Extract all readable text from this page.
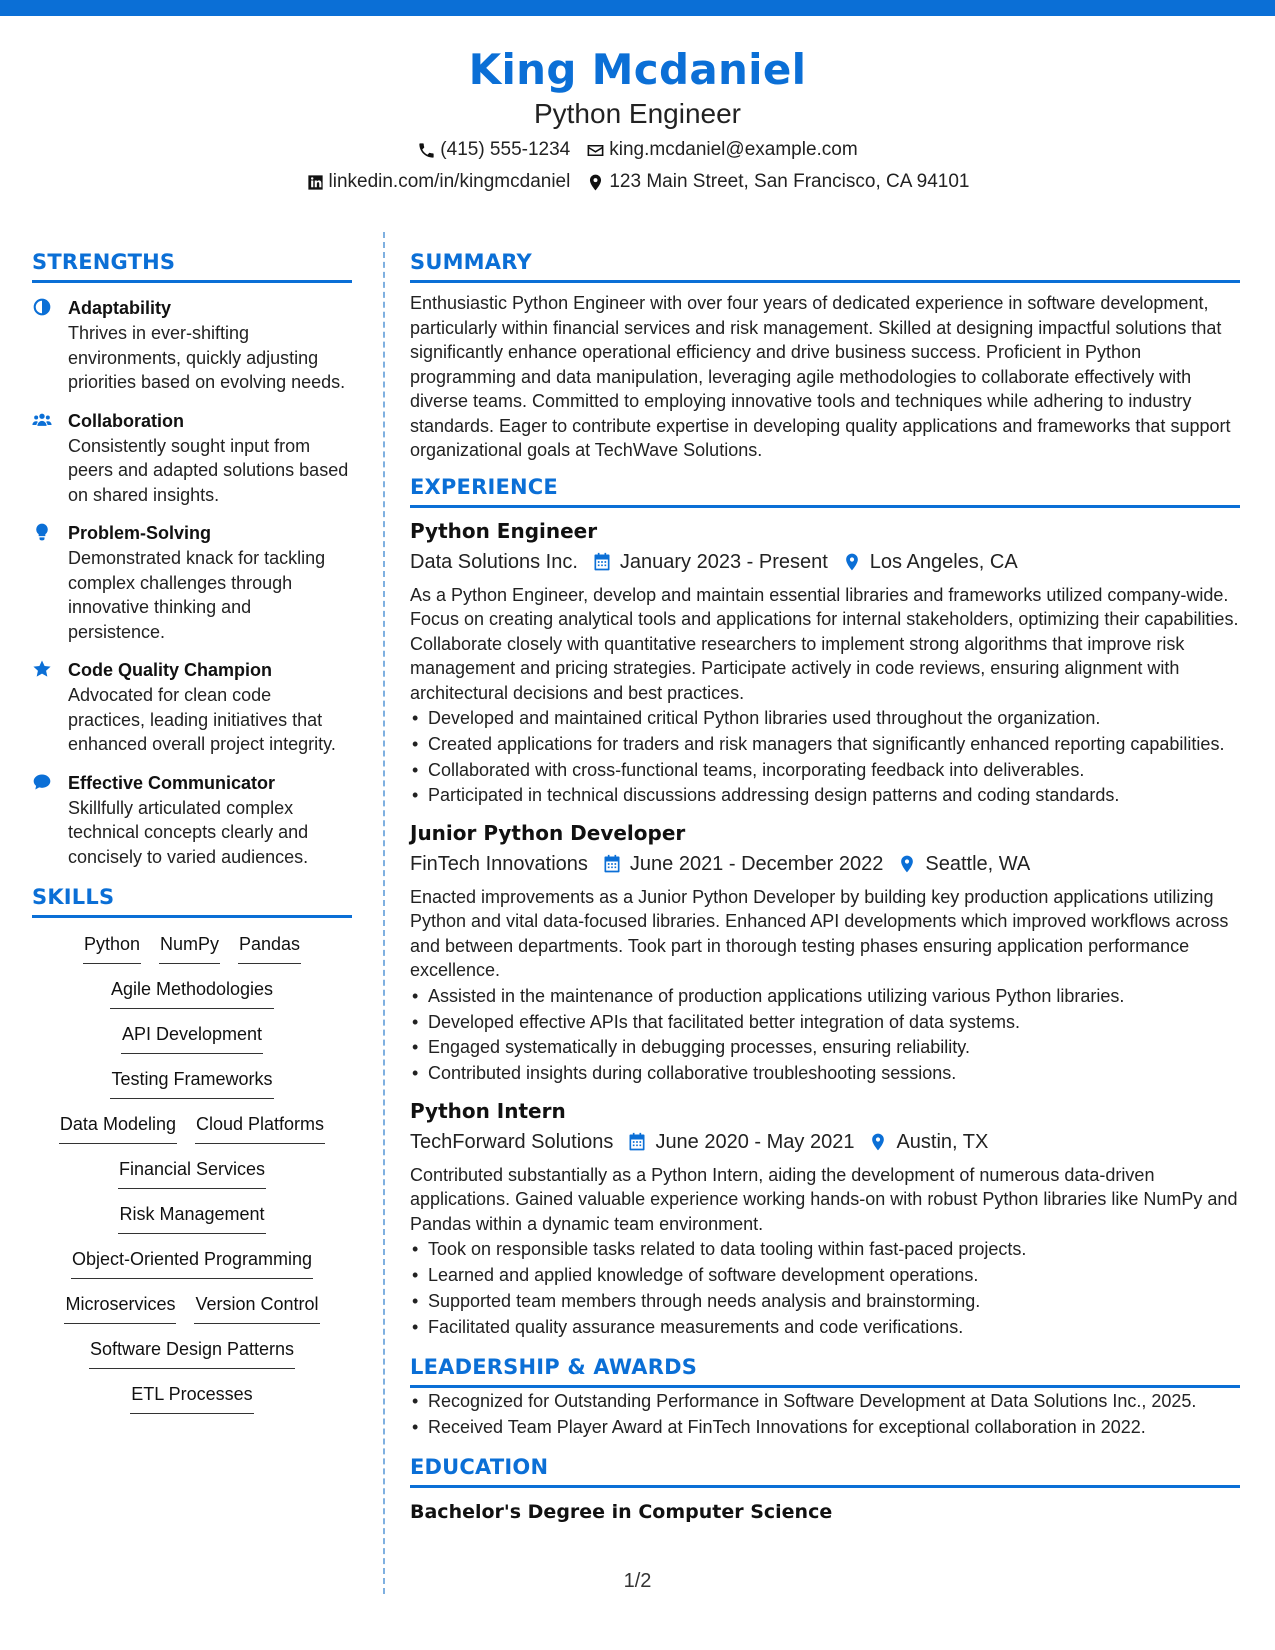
King Mcdaniel
Python Engineer
(415) 555-1234 king.mcdaniel@example.com
linkedin.com/in/kingmcdaniel 123 Main Street, San Francisco, CA 94101
STRENGTHS
Adaptability
Thrives in ever-shifting environments, quickly adjusting priorities based on evolving needs.
Collaboration
Consistently sought input from peers and adapted solutions based on shared insights.
Problem-Solving
Demonstrated knack for tackling complex challenges through innovative thinking and persistence.
Code Quality Champion
Advocated for clean code practices, leading initiatives that enhanced overall project integrity.
Effective Communicator
Skillfully articulated complex technical concepts clearly and concisely to varied audiences.
SKILLS
Python NumPy Pandas
Agile Methodologies
API Development
Testing Frameworks
Data Modeling Cloud Platforms
Financial Services
Risk Management
Object-Oriented Programming
Microservices Version Control
Software Design Patterns
ETL Processes
SUMMARY
Enthusiastic Python Engineer with over four years of dedicated experience in software development, particularly within financial services and risk management. Skilled at designing impactful solutions that significantly enhance operational efficiency and drive business success. Proficient in Python programming and data manipulation, leveraging agile methodologies to collaborate effectively with diverse teams. Committed to employing innovative tools and techniques while adhering to industry standards. Eager to contribute expertise in developing quality applications and frameworks that support organizational goals at TechWave Solutions.
EXPERIENCE
Python Engineer
Data Solutions Inc. January 2023 - Present Los Angeles, CA
As a Python Engineer, develop and maintain essential libraries and frameworks utilized company-wide. Focus on creating analytical tools and applications for internal stakeholders, optimizing their capabilities. Collaborate closely with quantitative researchers to implement strong algorithms that improve risk management and pricing strategies. Participate actively in code reviews, ensuring alignment with architectural decisions and best practices.
• Developed and maintained critical Python libraries used throughout the organization.
• Created applications for traders and risk managers that significantly enhanced reporting capabilities.
• Collaborated with cross-functional teams, incorporating feedback into deliverables.
• Participated in technical discussions addressing design patterns and coding standards.
Junior Python Developer
FinTech Innovations June 2021 - December 2022 Seattle, WA
Enacted improvements as a Junior Python Developer by building key production applications utilizing Python and vital data-focused libraries. Enhanced API developments which improved workflows across and between departments. Took part in thorough testing phases ensuring application performance excellence.
• Assisted in the maintenance of production applications utilizing various Python libraries.
• Developed effective APIs that facilitated better integration of data systems.
• Engaged systematically in debugging processes, ensuring reliability.
• Contributed insights during collaborative troubleshooting sessions.
Python Intern
TechForward Solutions June 2020 - May 2021 Austin, TX
Contributed substantially as a Python Intern, aiding the development of numerous data-driven applications. Gained valuable experience working hands-on with robust Python libraries like NumPy and Pandas within a dynamic team environment.
• Took on responsible tasks related to data tooling within fast-paced projects.
• Learned and applied knowledge of software development operations.
• Supported team members through needs analysis and brainstorming.
• Facilitated quality assurance measurements and code verifications.
LEADERSHIP & AWARDS
• Recognized for Outstanding Performance in Software Development at Data Solutions Inc., 2025.
• Received Team Player Award at FinTech Innovations for exceptional collaboration in 2022.
EDUCATION
Bachelor's Degree in Computer Science
1/2
